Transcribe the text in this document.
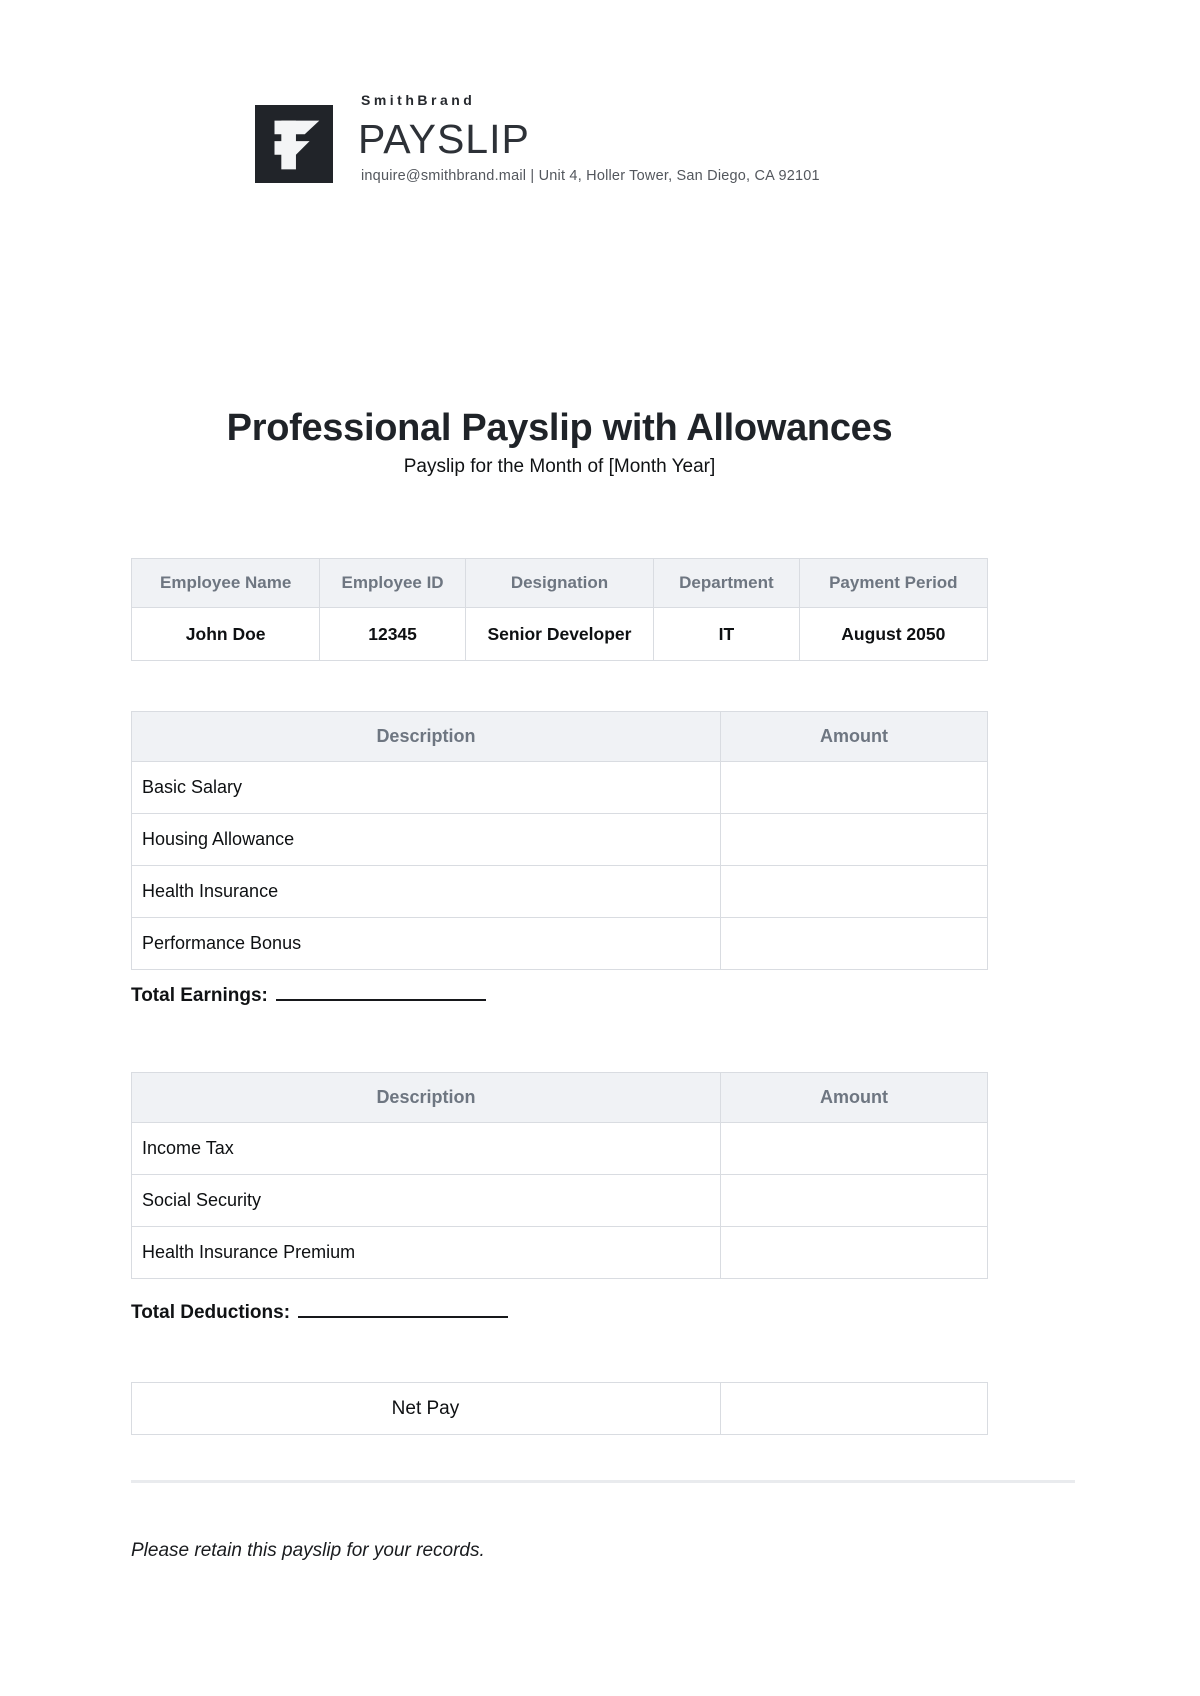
SmithBrand
PAYSLIP
inquire@smithbrand.mail | Unit 4, Holler Tower, San Diego, CA 92101
Professional Payslip with Allowances
Payslip for the Month of [Month Year]
Employee Name	Employee ID	Designation	Department	Payment Period
John Doe	12345	Senior Developer	IT	August 2050
Description	Amount
Basic Salary	
Housing Allowance	
Health Insurance	
Performance Bonus	
Total Earnings:
Description	Amount
Income Tax	
Social Security	
Health Insurance Premium	
Total Deductions:
Net Pay	
Please retain this payslip for your records.
